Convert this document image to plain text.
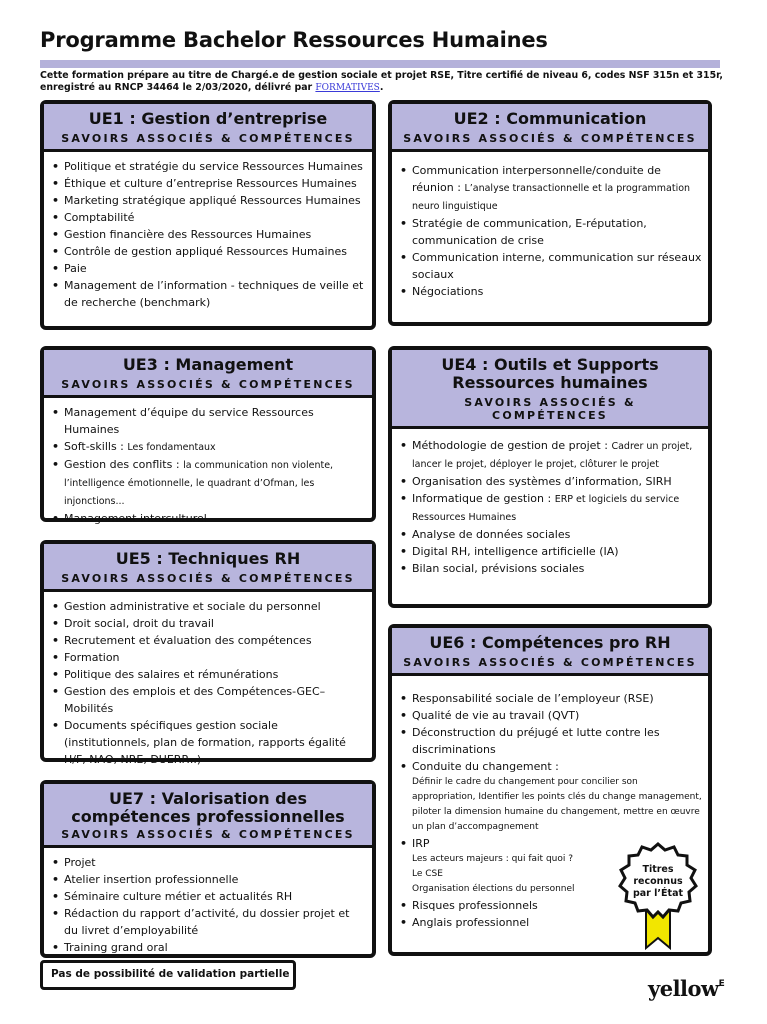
Programme Bachelor Ressources Humaines
Cette formation prépare au titre de Chargé.e de gestion sociale et projet RSE, Titre certifié de niveau 6, codes NSF 315n et 315r, enregistré au RNCP 34464 le 2/03/2020, délivré par FORMATIVES.
UE1 : Gestion d’entreprise
SAVOIRS ASSOCIÉS & COMPÉTENCES
• Politique et stratégie du service Ressources Humaines
• Éthique et culture d’entreprise Ressources Humaines
• Marketing stratégique appliqué Ressources Humaines
• Comptabilité
• Gestion financière des Ressources Humaines
• Contrôle de gestion appliqué Ressources Humaines
• Paie
• Management de l’information - techniques de veille et de recherche (benchmark)
UE2 : Communication
SAVOIRS ASSOCIÉS & COMPÉTENCES
• Communication interpersonnelle/conduite de réunion : L’analyse transactionnelle et la programmation neuro linguistique
• Stratégie de communication, E-réputation, communication de crise
• Communication interne, communication sur réseaux sociaux
• Négociations
UE3 : Management
SAVOIRS ASSOCIÉS & COMPÉTENCES
• Management d’équipe du service Ressources Humaines
• Soft-skills : Les fondamentaux
• Gestion des conflits : la communication non violente, l’intelligence émotionnelle, le quadrant d’Ofman, les injonctions...
• Management interculturel
UE4 : Outils et Supports Ressources humaines
SAVOIRS ASSOCIÉS & COMPÉTENCES
• Méthodologie de gestion de projet : Cadrer un projet, lancer le projet, déployer le projet, clôturer le projet
• Organisation des systèmes d’information, SIRH
• Informatique de gestion : ERP et logiciels du service Ressources Humaines
• Analyse de données sociales
• Digital RH, intelligence artificielle (IA)
• Bilan social, prévisions sociales
UE5 : Techniques RH
SAVOIRS ASSOCIÉS & COMPÉTENCES
• Gestion administrative et sociale du personnel
• Droit social, droit du travail
• Recrutement et évaluation des compétences
• Formation
• Politique des salaires et rémunérations
• Gestion des emplois et des Compétences-GEC–Mobilités
• Documents spécifiques gestion sociale (institutionnels, plan de formation, rapports égalité H/F, NAO, NRE, DUERP...)
UE6 : Compétences pro RH
SAVOIRS ASSOCIÉS & COMPÉTENCES
• Responsabilité sociale de l’employeur (RSE)
• Qualité de vie au travail (QVT)
• Déconstruction du préjugé et lutte contre les discriminations
• Conduite du changement :
Définir le cadre du changement pour concilier son appropriation, Identifier les points clés du change management, piloter la dimension humaine du changement, mettre en œuvre un plan d’accompagnement
• IRP
Les acteurs majeurs : qui fait quoi ?
Le CSE
Organisation élections du personnel
• Risques professionnels
• Anglais professionnel
UE7 : Valorisation des compétences professionnelles
SAVOIRS ASSOCIÉS & COMPÉTENCES
• Projet
• Atelier insertion professionnelle
• Séminaire culture métier et actualités RH
• Rédaction du rapport d’activité, du dossier projet et du livret d’employabilité
• Training grand oral
Pas de possibilité de validation partielle
Titres
reconnus
par l’État
yellow$^E$
